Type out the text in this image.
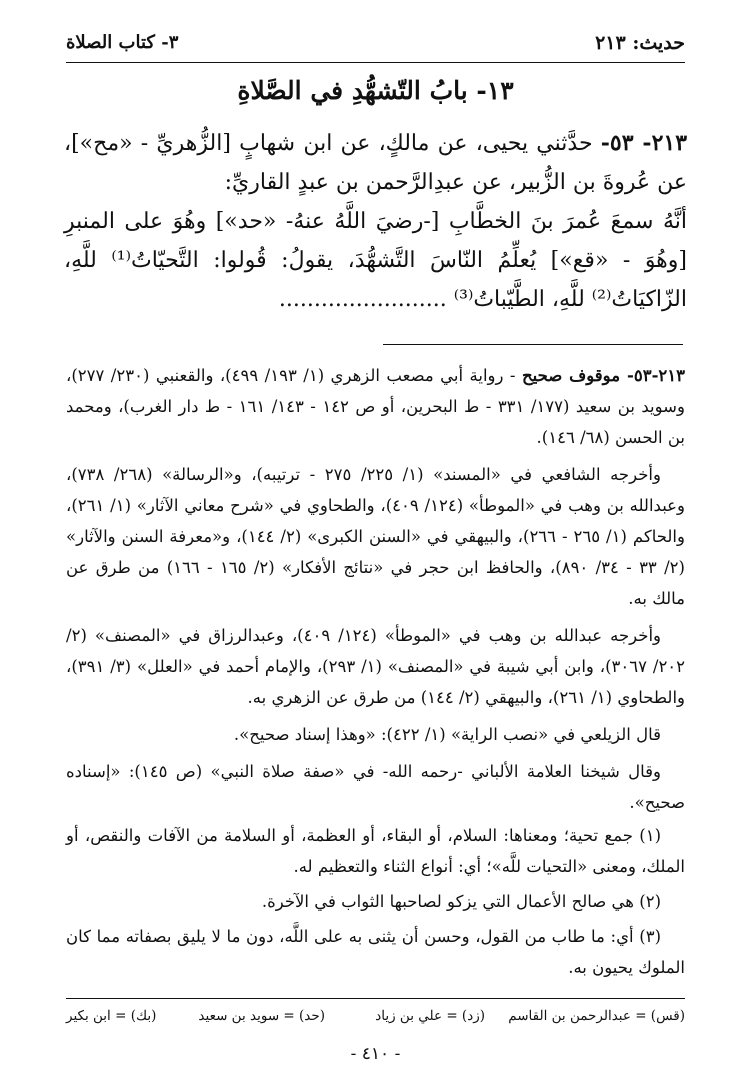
حديث: ٢١٣
٣- كتاب الصلاة
١٣- بابُ التّشهُّدِ في الصَّلاةِ

٢١٣- ٥٣- حدَّثني يحيى، عن مالكٍ، عن ابن شهابٍ [الزُّهريِّ - «مح»]، عن عُروةَ بن الزُّبير، عن عبدِالرَّحمن بن عبدٍ القاريِّ:

أنَّهُ سمعَ عُمرَ بنَ الخطَّابِ [-رضيَ اللَّهُ عنهُ- «حد»] وهُوَ على المنبرِ [وهُوَ - «قع»] يُعلِّمُ النّاسَ التَّشهُّدَ، يقولُ: قُولوا: التَّحيّاتُ⁽¹⁾ للَّهِ، الزّاكيَاتُ⁽²⁾ للَّهِ، الطَّيّباتُ⁽³⁾ ........................

٢١٣-٥٣- موقوف صحيح - رواية أبي مصعب الزهري (١/ ١٩٣/ ٤٩٩)، والقعنبي (٢٣٠/ ٢٧٧)، وسويد بن سعيد (١٧٧/ ٣٣١ - ط البحرين، أو ص ١٤٢ - ١٤٣/ ١٦١ - ط دار الغرب)، ومحمد بن الحسن (٦٨/ ١٤٦).

وأخرجه الشافعي في «المسند» (١/ ٢٢٥/ ٢٧٥ - ترتيبه)، و«الرسالة» (٢٦٨/ ٧٣٨)، وعبدالله بن وهب في «الموطأ» (١٢٤/ ٤٠٩)، والطحاوي في «شرح معاني الآثار» (١/ ٢٦١)، والحاكم (١/ ٢٦٥ - ٢٦٦)، والبيهقي في «السنن الكبرى» (٢/ ١٤٤)، و«معرفة السنن والآثار» (٢/ ٣٣ - ٣٤/ ٨٩٠)، والحافظ ابن حجر في «نتائج الأفكار» (٢/ ١٦٥ - ١٦٦) من طرق عن مالك به.

وأخرجه عبدالله بن وهب في «الموطأ» (١٢٤/ ٤٠٩)، وعبدالرزاق في «المصنف» (٢/ ٢٠٢/ ٣٠٦٧)، وابن أبي شيبة في «المصنف» (١/ ٢٩٣)، والإمام أحمد في «العلل» (٣/ ٣٩١)، والطحاوي (١/ ٢٦١)، والبيهقي (٢/ ١٤٤) من طرق عن الزهري به.

قال الزيلعي في «نصب الراية» (١/ ٤٢٢): «وهذا إسناد صحيح».

وقال شيخنا العلامة الألباني -رحمه الله- في «صفة صلاة النبي» (ص ١٤٥): «إسناده صحيح».

(١) جمع تحية؛ ومعناها: السلام، أو البقاء، أو العظمة، أو السلامة من الآفات والنقص، أو الملك، ومعنى «التحيات للَّه»؛ أي: أنواع الثناء والتعظيم له.

(٢) هي صالح الأعمال التي يزكو لصاحبها الثواب في الآخرة.

(٣) أي: ما طاب من القول، وحسن أن يثنى به على اللَّه، دون ما لا يليق بصفاته مما كان الملوك يحيون به.

(قس) = عبدالرحمن بن القاسم
(زد) = علي بن زياد
(حد) = سويد بن سعيد
(بك) = ابن بكير
- ٤١٠ -
